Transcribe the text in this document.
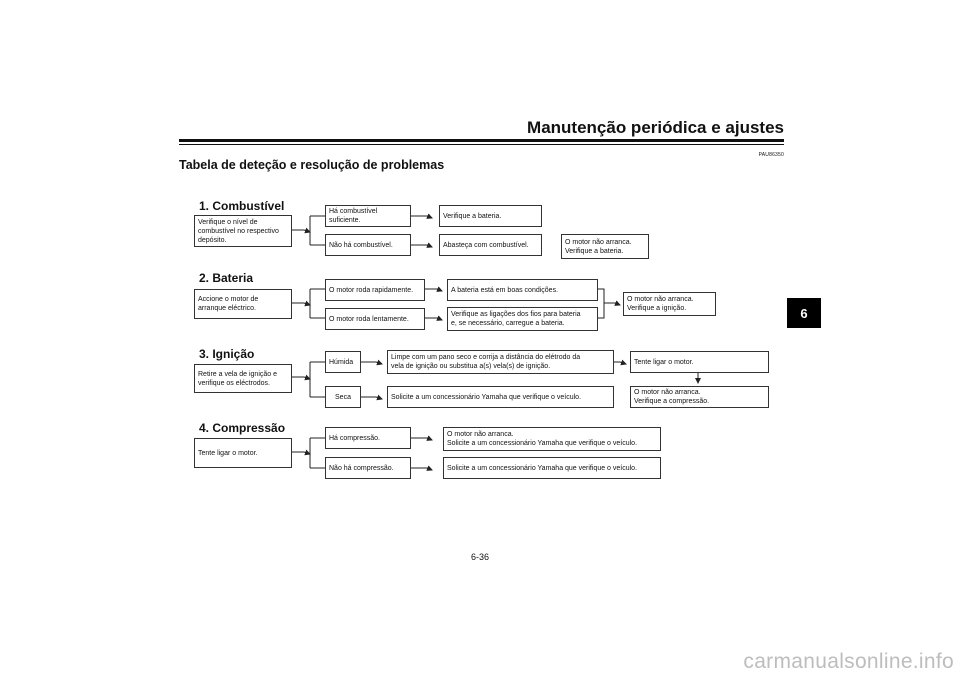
Manutenção periódica e ajustes
PAU86350
Tabela de deteção e resolução de problemas
6
1. Combustível
Verifique o nível de
combustível no respectivo
depósito.
Há combustível suficiente.
Não há combustível.
Verifique a bateria.
Abasteça com combustível.	O motor não arranca.
Verifique a bateria.
2. Bateria
Accione o motor de
arranque eléctrico.
O motor roda rapidamente.
O motor roda lentamente.
A bateria está em boas condições.
Verifique as ligações dos fios para bateria
e, se necessário, carregue a bateria.
O motor não arranca.
Verifique a ignição.
3. Ignição
Retire a vela de ignição e
verifique os eléctrodos.
Húmida
Seca
Limpe com um pano seco e corrija a distância do elétrodo da
vela de ignição ou substitua a(s) vela(s) de ignição.
Solicite a um concessionário Yamaha que verifique o veículo.
Tente ligar o motor.
O motor não arranca.
Verifique a compressão.
4. Compressão
Tente ligar o motor.
Há compressão.
Não há compressão.
O motor não arranca.
Solicite a um concessionário Yamaha que verifique o veículo.
Solicite a um concessionário Yamaha que verifique o veículo.
6-36
carmanualsonline.info
